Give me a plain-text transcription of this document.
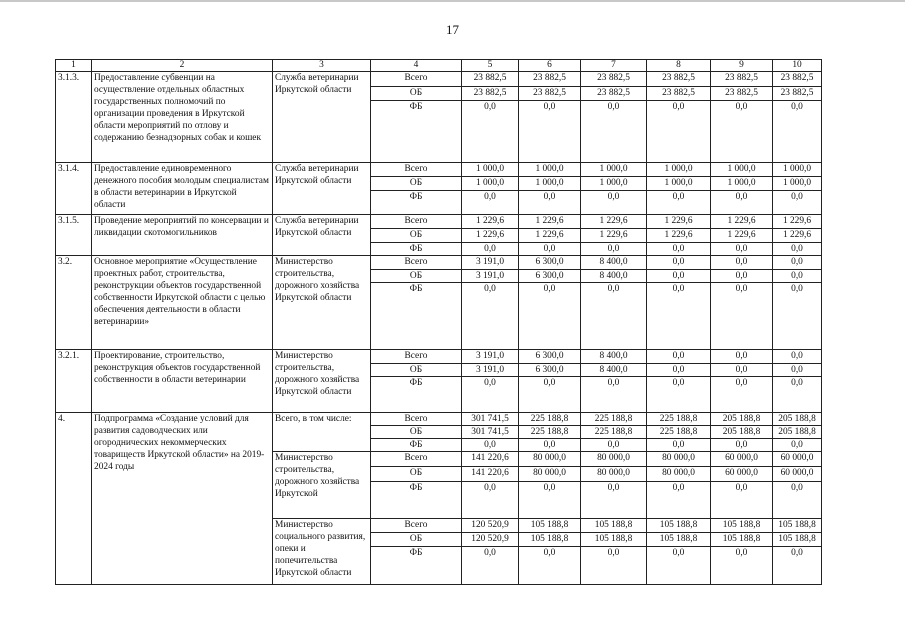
17
1	2	3	4	5	6	7	8	9	10
3.1.3.	Предоставление субвенции на осуществление отдельных областных государственных полномочий по организации проведения в Иркутской области мероприятий по отлову и содержанию безнадзорных собак и кошек	Служба ветеринарии Иркутской области	Всего	23 882,5	23 882,5	23 882,5	23 882,5	23 882,5	23 882,5
			ОБ	23 882,5	23 882,5	23 882,5	23 882,5	23 882,5	23 882,5
			ФБ	0,0	0,0	0,0	0,0	0,0	0,0
3.1.4.	Предоставление единовременного денежного пособия молодым специалистам в области ветеринарии в Иркутской области	Служба ветеринарии Иркутской области	Всего	1 000,0	1 000,0	1 000,0	1 000,0	1 000,0	1 000,0
			ОБ	1 000,0	1 000,0	1 000,0	1 000,0	1 000,0	1 000,0
			ФБ	0,0	0,0	0,0	0,0	0,0	0,0
3.1.5.	Проведение мероприятий по консервации и ликвидации скотомогильников	Служба ветеринарии Иркутской области	Всего	1 229,6	1 229,6	1 229,6	1 229,6	1 229,6	1 229,6
			ОБ	1 229,6	1 229,6	1 229,6	1 229,6	1 229,6	1 229,6
			ФБ	0,0	0,0	0,0	0,0	0,0	0,0
3.2.	Основное мероприятие «Осуществление проектных работ, строительства, реконструкции объектов государственной собственности Иркутской области с целью обеспечения деятельности в области ветеринарии»	Министерство строительства, дорожного хозяйства Иркутской области	Всего	3 191,0	6 300,0	8 400,0	0,0	0,0	0,0
			ОБ	3 191,0	6 300,0	8 400,0	0,0	0,0	0,0
			ФБ	0,0	0,0	0,0	0,0	0,0	0,0
3.2.1.	Проектирование, строительство, реконструкция объектов государственной собственности в области ветеринарии	Министерство строительства, дорожного хозяйства Иркутской области	Всего	3 191,0	6 300,0	8 400,0	0,0	0,0	0,0
			ОБ	3 191,0	6 300,0	8 400,0	0,0	0,0	0,0
			ФБ	0,0	0,0	0,0	0,0	0,0	0,0
4.	Подпрограмма «Создание условий для развития садоводческих или огороднических некоммерческих товариществ Иркутской области» на 2019-2024 годы	Всего, в том числе:	Всего	301 741,5	225 188,8	225 188,8	225 188,8	205 188,8	205 188,8
			ОБ	301 741,5	225 188,8	225 188,8	225 188,8	205 188,8	205 188,8
			ФБ	0,0	0,0	0,0	0,0	0,0	0,0
		Министерство строительства, дорожного хозяйства Иркутской	Всего	141 220,6	80 000,0	80 000,0	80 000,0	60 000,0	60 000,0
			ОБ	141 220,6	80 000,0	80 000,0	80 000,0	60 000,0	60 000,0
			ФБ	0,0	0,0	0,0	0,0	0,0	0,0
		Министерство социального развития, опеки и попечительства Иркутской области	Всего	120 520,9	105 188,8	105 188,8	105 188,8	105 188,8	105 188,8
			ОБ	120 520,9	105 188,8	105 188,8	105 188,8	105 188,8	105 188,8
			ФБ	0,0	0,0	0,0	0,0	0,0	0,0
